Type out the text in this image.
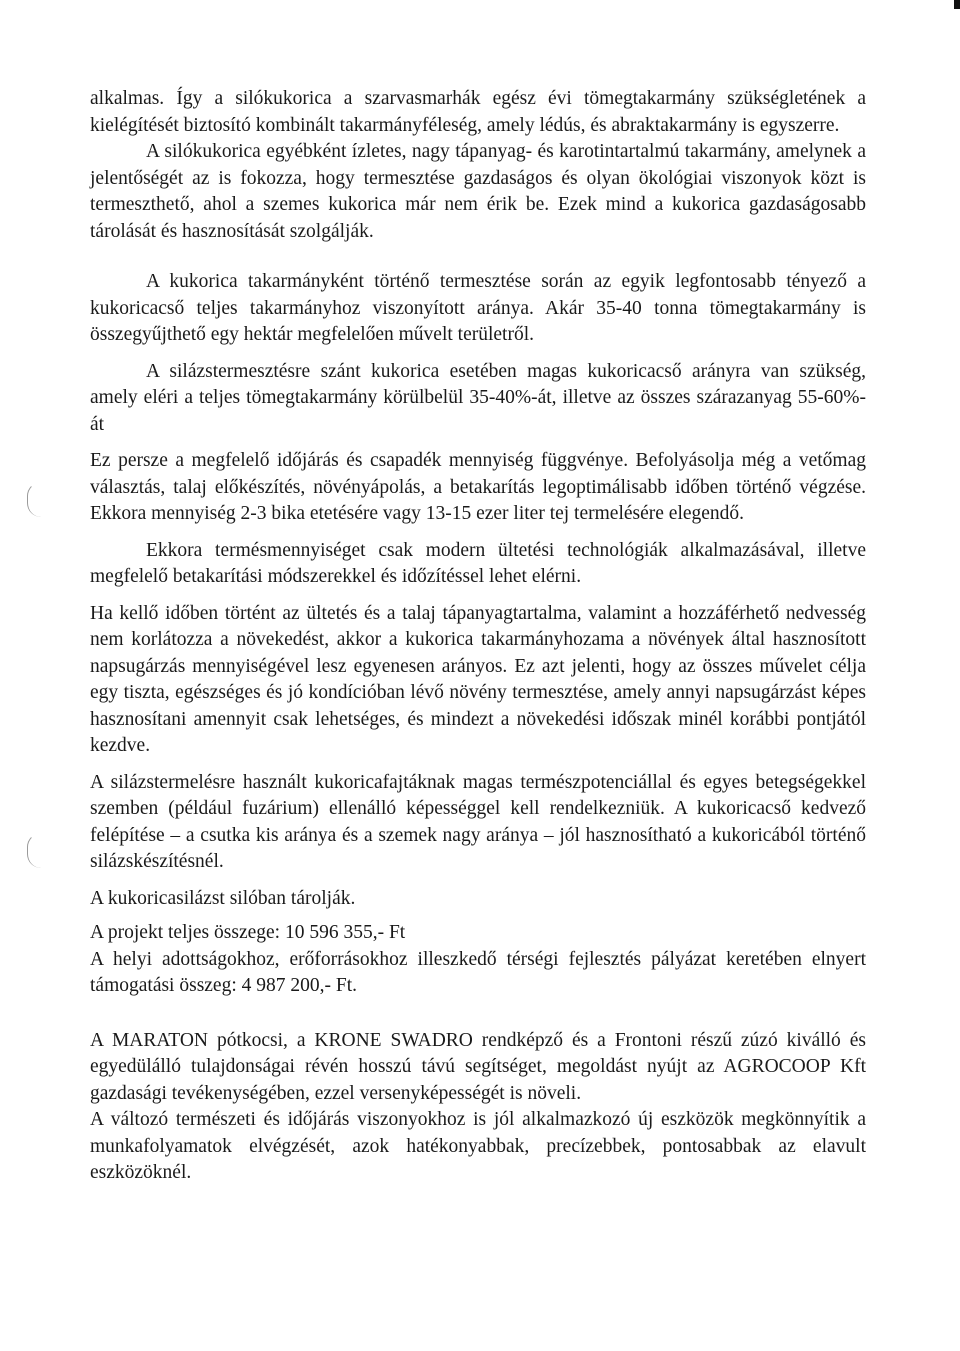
alkalmas. Így a silókukorica a szarvasmarhák egész évi tömegtakarmány szükségletének a kielégítését biztosító kombinált takarmányféleség, amely lédús, és abraktakarmány is egyszerre.

A silókukorica egyébként ízletes, nagy tápanyag- és karotintartalmú takarmány, amelynek a jelentőségét az is fokozza, hogy termesztése gazdaságos és olyan ökológiai viszonyok közt is termeszthető, ahol a szemes kukorica már nem érik be. Ezek mind a kukorica gazdaságosabb tárolását és hasznosítását szolgálják.

A kukorica takarmányként történő termesztése során az egyik legfontosabb tényező a kukoricacső teljes takarmányhoz viszonyított aránya. Akár 35-40 tonna tömegtakarmány is összegyűjthető egy hektár megfelelően művelt területről.

A silázstermesztésre szánt kukorica esetében magas kukoricacső arányra van szükség, amely eléri a teljes tömegtakarmány körülbelül 35-40%-át, illetve az összes szárazanyag 55-60%-át

Ez persze a megfelelő időjárás és csapadék mennyiség függvénye. Befolyásolja még a vetőmag választás, talaj előkészítés, növényápolás, a betakarítás legoptimálisabb időben történő végzése. Ekkora mennyiség 2-3 bika etetésére vagy 13-15 ezer liter tej termelésére elegendő.

Ekkora termésmennyiséget csak modern ültetési technológiák alkalmazásával, illetve megfelelő betakarítási módszerekkel és időzítéssel lehet elérni.

Ha kellő időben történt az ültetés és a talaj tápanyagtartalma, valamint a hozzáférhető nedvesség nem korlátozza a növekedést, akkor a kukorica takarmányhozama a növények által hasznosított napsugárzás mennyiségével lesz egyenesen arányos. Ez azt jelenti, hogy az összes művelet célja egy tiszta, egészséges és jó kondícióban lévő növény termesztése, amely annyi napsugárzást képes hasznosítani amennyit csak lehetséges, és mindezt a növekedési időszak minél korábbi pontjától kezdve.

A silázstermelésre használt kukoricafajtáknak magas természpotenciállal és egyes betegségekkel szemben (például fuzárium) ellenálló képességgel kell rendelkezniük. A kukoricacső kedvező felépítése – a csutka kis aránya és a szemek nagy aránya – jól hasznosítható a kukoricából történő silázskészítésnél.

A kukoricasilázst silóban tárolják.

A projekt teljes összege: 10 596 355,- Ft

A helyi adottságokhoz, erőforrásokhoz illeszkedő térségi fejlesztés pályázat keretében elnyert támogatási összeg: 4 987 200,- Ft.

A MARATON pótkocsi, a KRONE SWADRO rendképző és a Frontoni részű zúzó kiválló és egyedülálló tulajdonságai révén hosszú távú segítséget, megoldást nyújt az AGROCOOP Kft gazdasági tevékenységében, ezzel versenyképességét is növeli.

A változó természeti és időjárás viszonyokhoz is jól alkalmazkozó új eszközök megkönnyítik a munkafolyamatok elvégzését, azok hatékonyabbak, precízebbek, pontosabbak az elavult eszközöknél.
